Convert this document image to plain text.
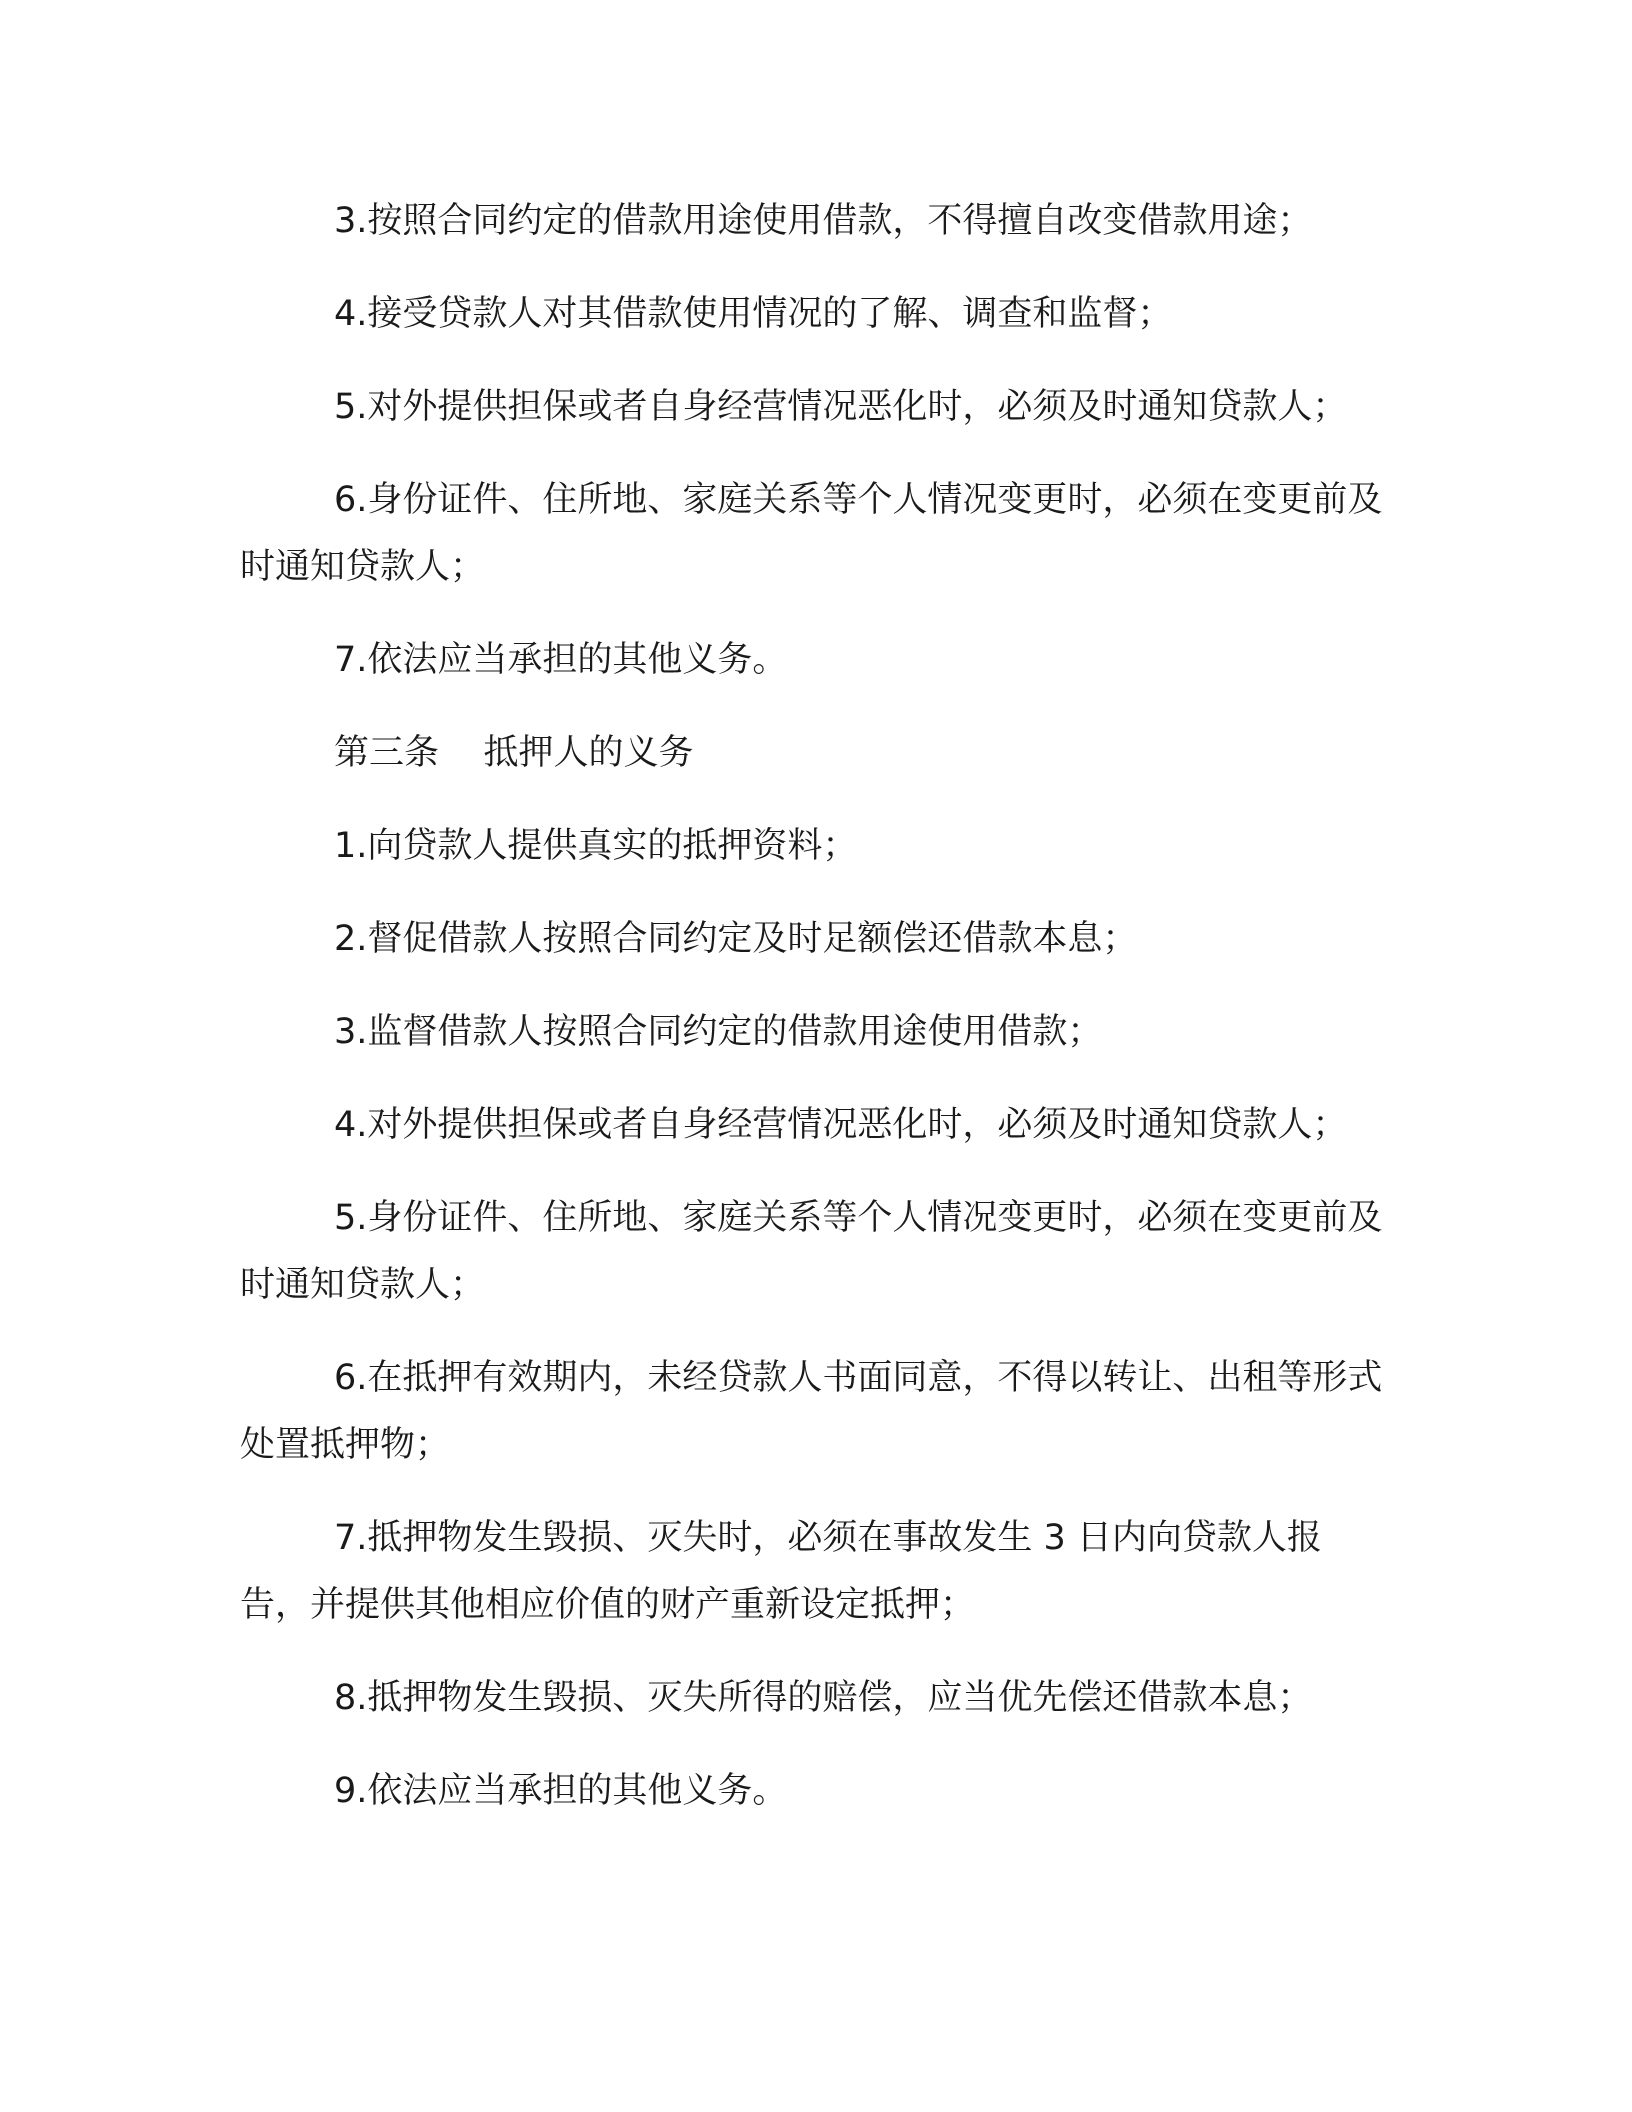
3.按照合同约定的借款用途使用借款，不得擅自改变借款用途；

4.接受贷款人对其借款使用情况的了解、调查和监督；

5.对外提供担保或者自身经营情况恶化时，必须及时通知贷款人；

6.身份证件、住所地、家庭关系等个人情况变更时，必须在变更前及时通知贷款人；

7.依法应当承担的其他义务。

第三条    抵押人的义务

1.向贷款人提供真实的抵押资料；

2.督促借款人按照合同约定及时足额偿还借款本息；

3.监督借款人按照合同约定的借款用途使用借款；

4.对外提供担保或者自身经营情况恶化时，必须及时通知贷款人；

5.身份证件、住所地、家庭关系等个人情况变更时，必须在变更前及时通知贷款人；

6.在抵押有效期内，未经贷款人书面同意，不得以转让、出租等形式处置抵押物；

7.抵押物发生毁损、灭失时，必须在事故发生 3 日内向贷款人报告，并提供其他相应价值的财产重新设定抵押；

8.抵押物发生毁损、灭失所得的赔偿，应当优先偿还借款本息；

9.依法应当承担的其他义务。
